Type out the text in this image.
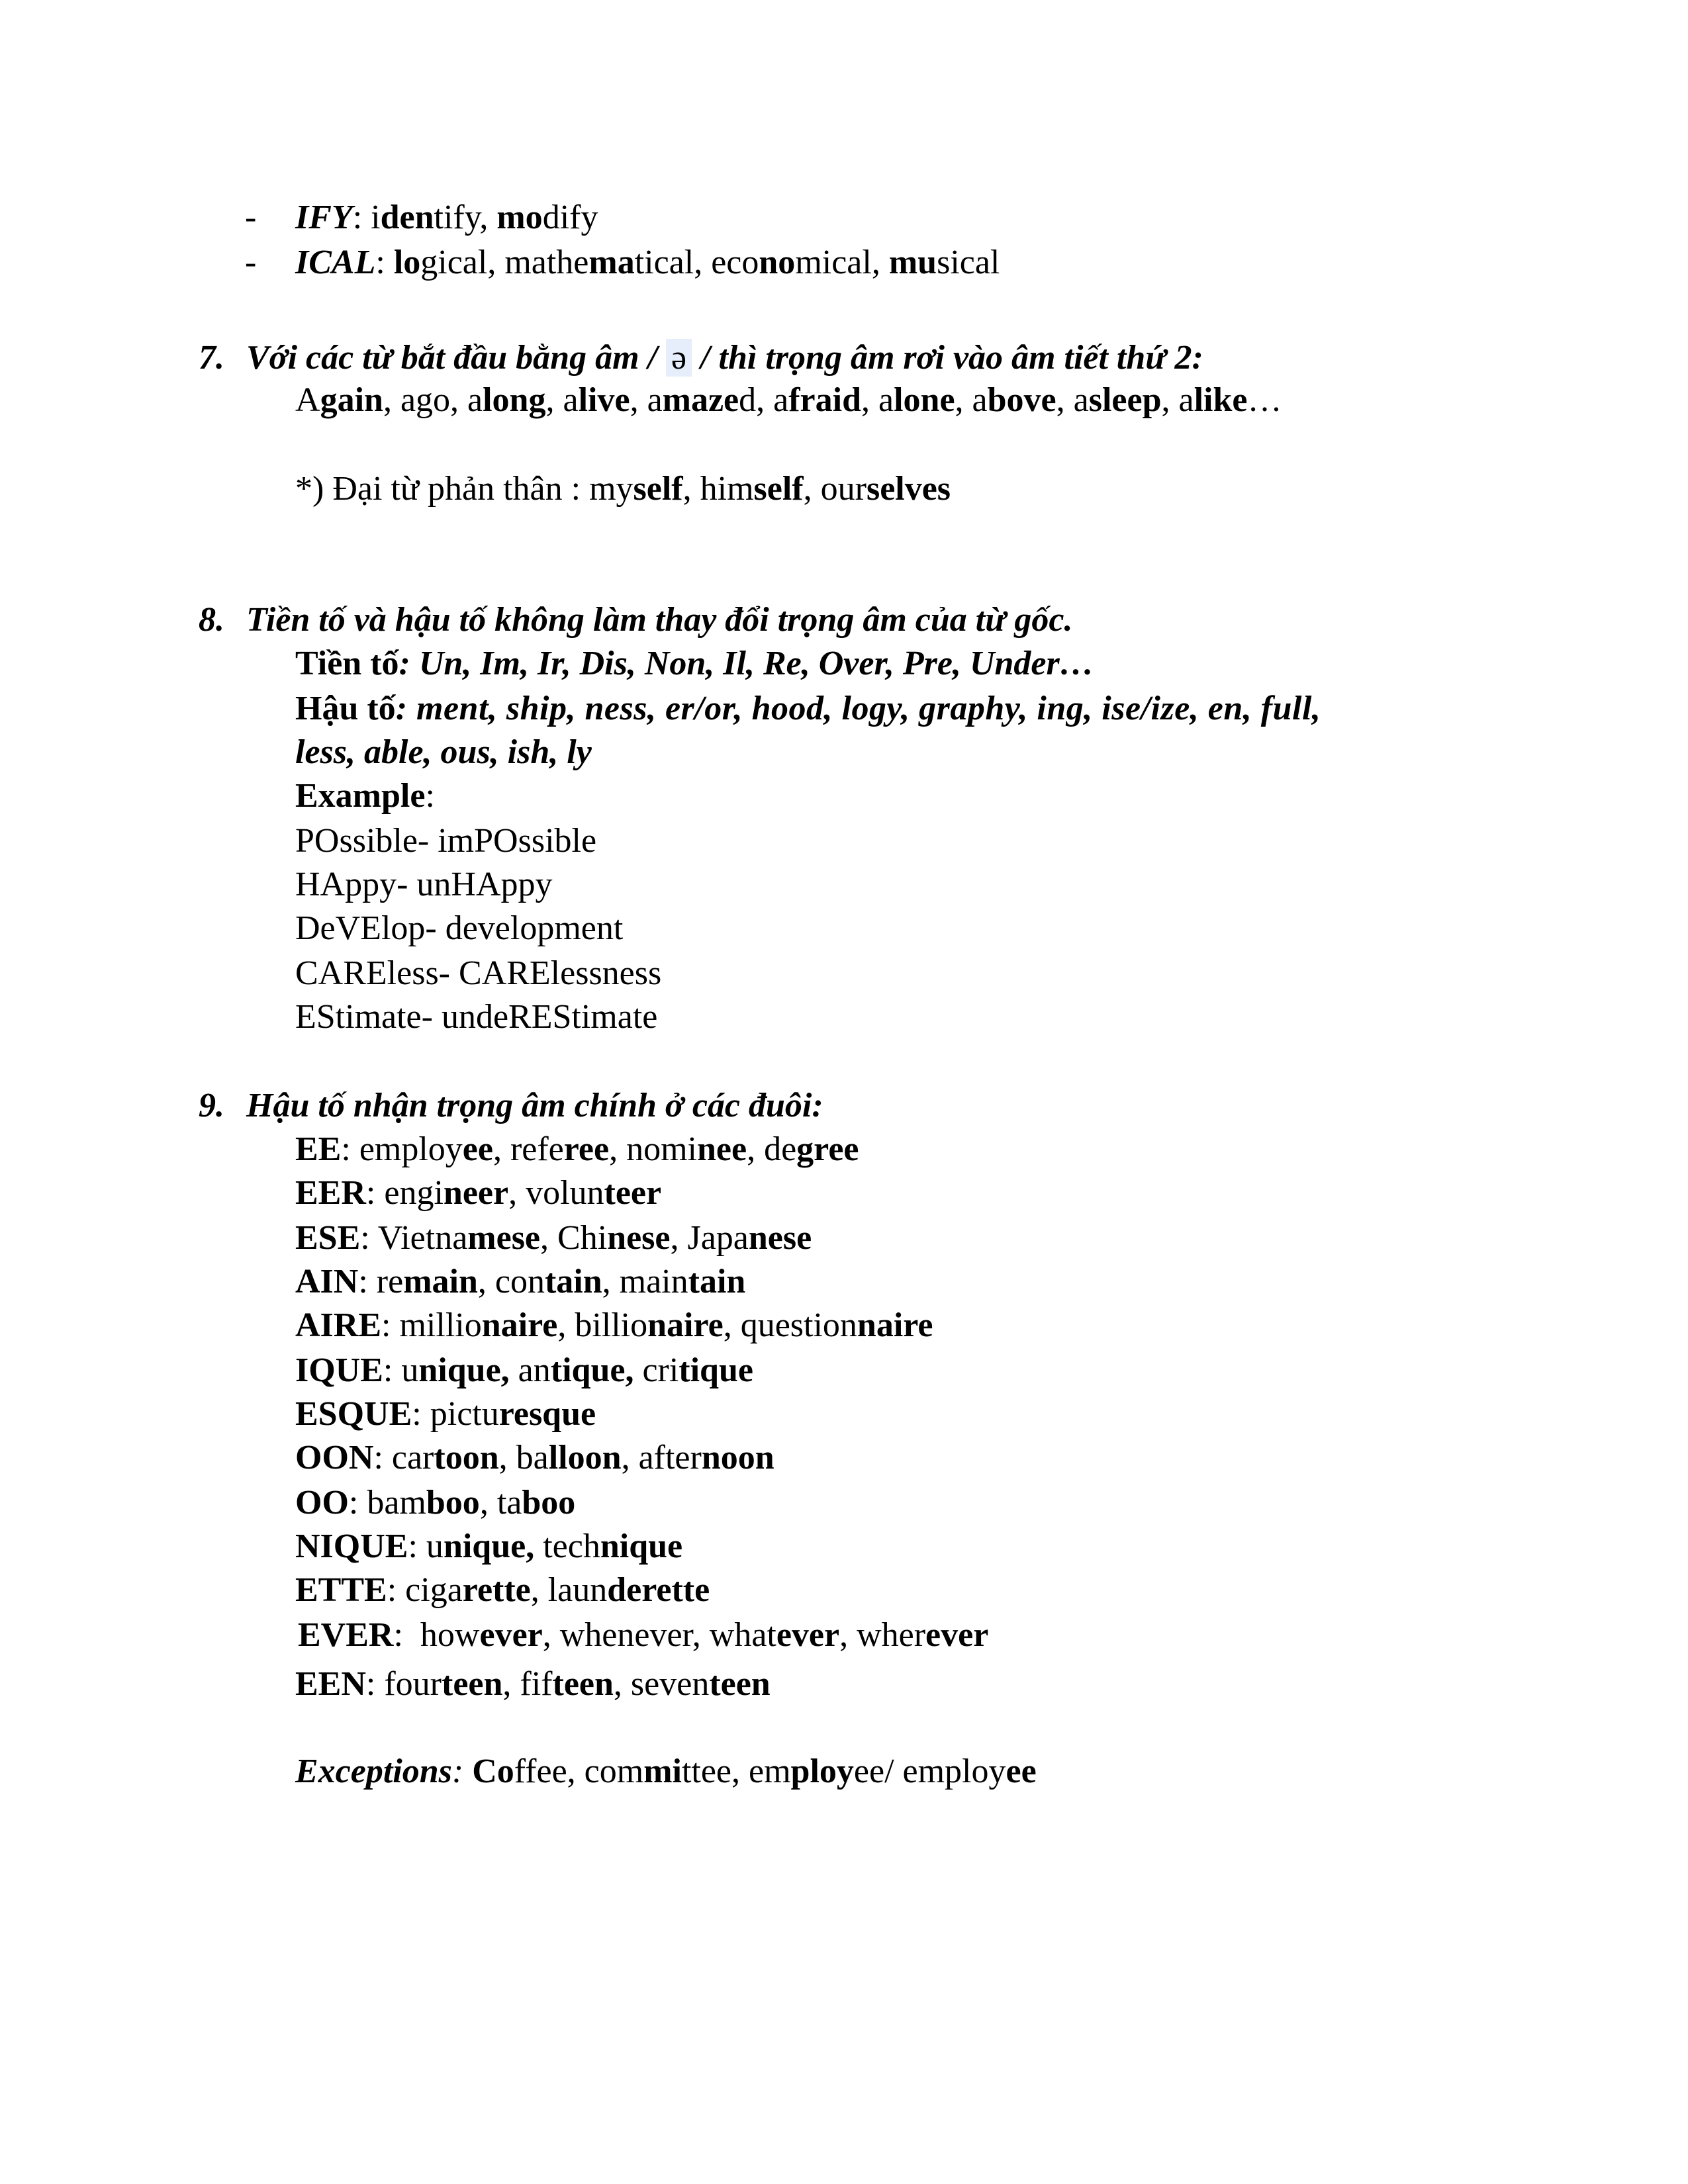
- IFY: identify, modify
- ICAL: logical, mathematical, economical, musical
7. Với các từ bắt đầu bằng âm / ə / thì trọng âm rơi vào âm tiết thứ 2:
Again, ago, along, alive, amazed, afraid, alone, above, asleep, alike…
*) Đại từ phản thân : myself, himself, ourselves
8. Tiền tố và hậu tố không làm thay đổi trọng âm của từ gốc.
Tiền tố: Un, Im, Ir, Dis, Non, Il, Re, Over, Pre, Under…
Hậu tố: ment, ship, ness, er/or, hood, logy, graphy, ing, ise/ize, en, full,
less, able, ous, ish, ly
Example:
POssible- imPOssible
HAppy- unHAppy
DeVElop- development
CAREless- CARElessness
EStimate- undeREStimate
9. Hậu tố nhận trọng âm chính ở các đuôi:
EE: employee, referee, nominee, degree
EER: engineer, volunteer
ESE: Vietnamese, Chinese, Japanese
AIN: remain, contain, maintain
AIRE: millionaire, billionaire, questionnaire
IQUE: unique, antique, critique
ESQUE: picturesque
OON: cartoon, balloon, afternoon
OO: bamboo, taboo
NIQUE: unique, technique
ETTE: cigarette, launderette
EVER:  however, whenever, whatever, wherever
EEN: fourteen, fifteen, seventeen
Exceptions: Coffee, committee, employee/ employee
